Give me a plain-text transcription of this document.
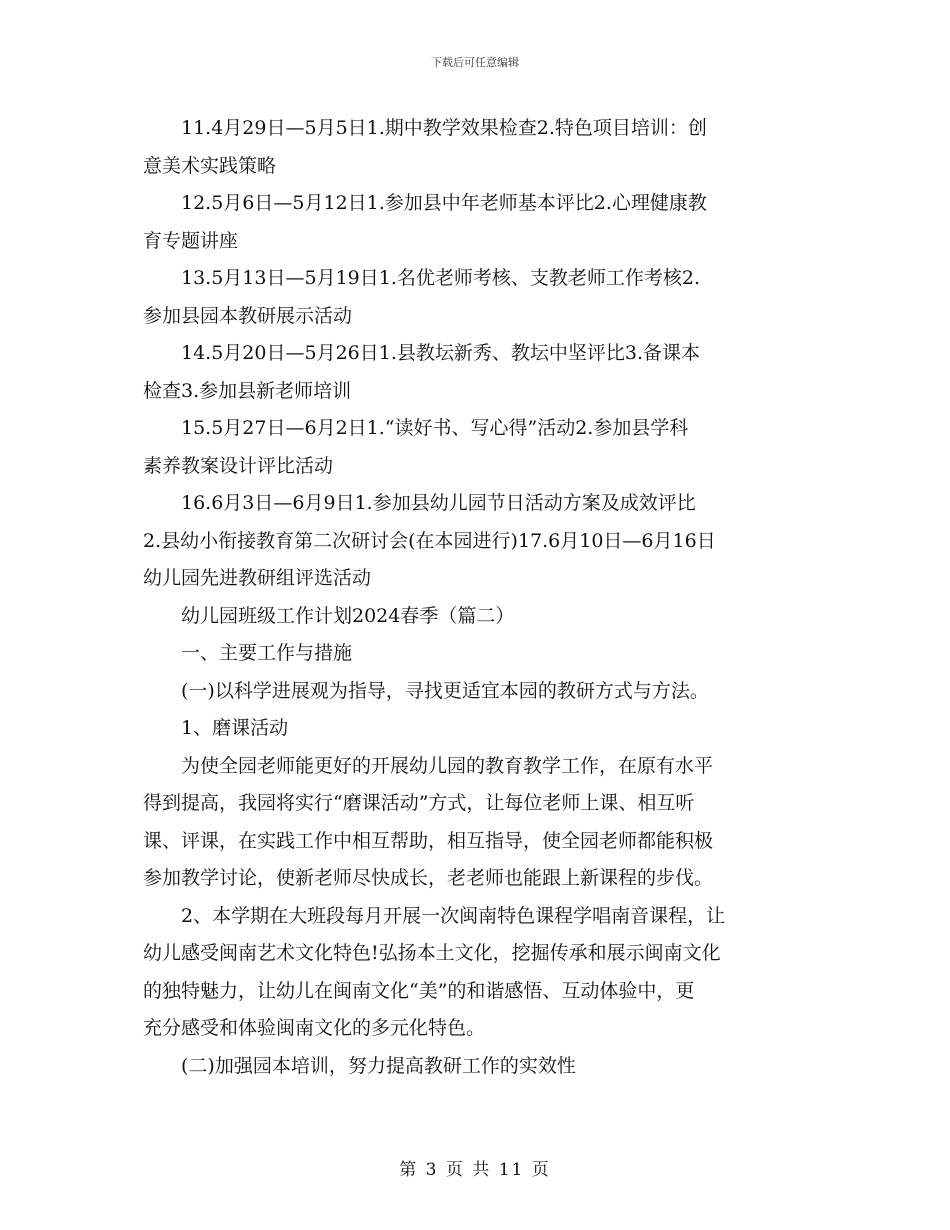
下载后可任意编辑
11.4月29日—5月5日1.期中教学效果检查2.特色项目培训：创
意美术实践策略
12.5月6日—5月12日1.参加县中年老师基本评比2.心理健康教
育专题讲座
13.5月13日—5月19日1.名优老师考核、支教老师工作考核2.
参加县园本教研展示活动
14.5月20日—5月26日1.县教坛新秀、教坛中坚评比3.备课本
检查3.参加县新老师培训
15.5月27日—6月2日1.“读好书、写心得”活动2.参加县学科
素养教案设计评比活动
16.6月3日—6月9日1.参加县幼儿园节日活动方案及成效评比
2.县幼小衔接教育第二次研讨会(在本园进行)17.6月10日—6月16日
幼儿园先进教研组评选活动
幼儿园班级工作计划2024春季（篇二）
一、主要工作与措施
(一)以科学进展观为指导，寻找更适宜本园的教研方式与方法。
1、磨课活动
为使全园老师能更好的开展幼儿园的教育教学工作，在原有水平
得到提高，我园将实行“磨课活动”方式，让每位老师上课、相互听
课、评课，在实践工作中相互帮助，相互指导，使全园老师都能积极
参加教学讨论，使新老师尽快成长，老老师也能跟上新课程的步伐。
2、本学期在大班段每月开展一次闽南特色课程学唱南音课程，让
幼儿感受闽南艺术文化特色!弘扬本土文化，挖掘传承和展示闽南文化
的独特魅力，让幼儿在闽南文化“美”的和谐感悟、互动体验中，更
充分感受和体验闽南文化的多元化特色。
(二)加强园本培训，努力提高教研工作的实效性
第 3 页 共 11 页
